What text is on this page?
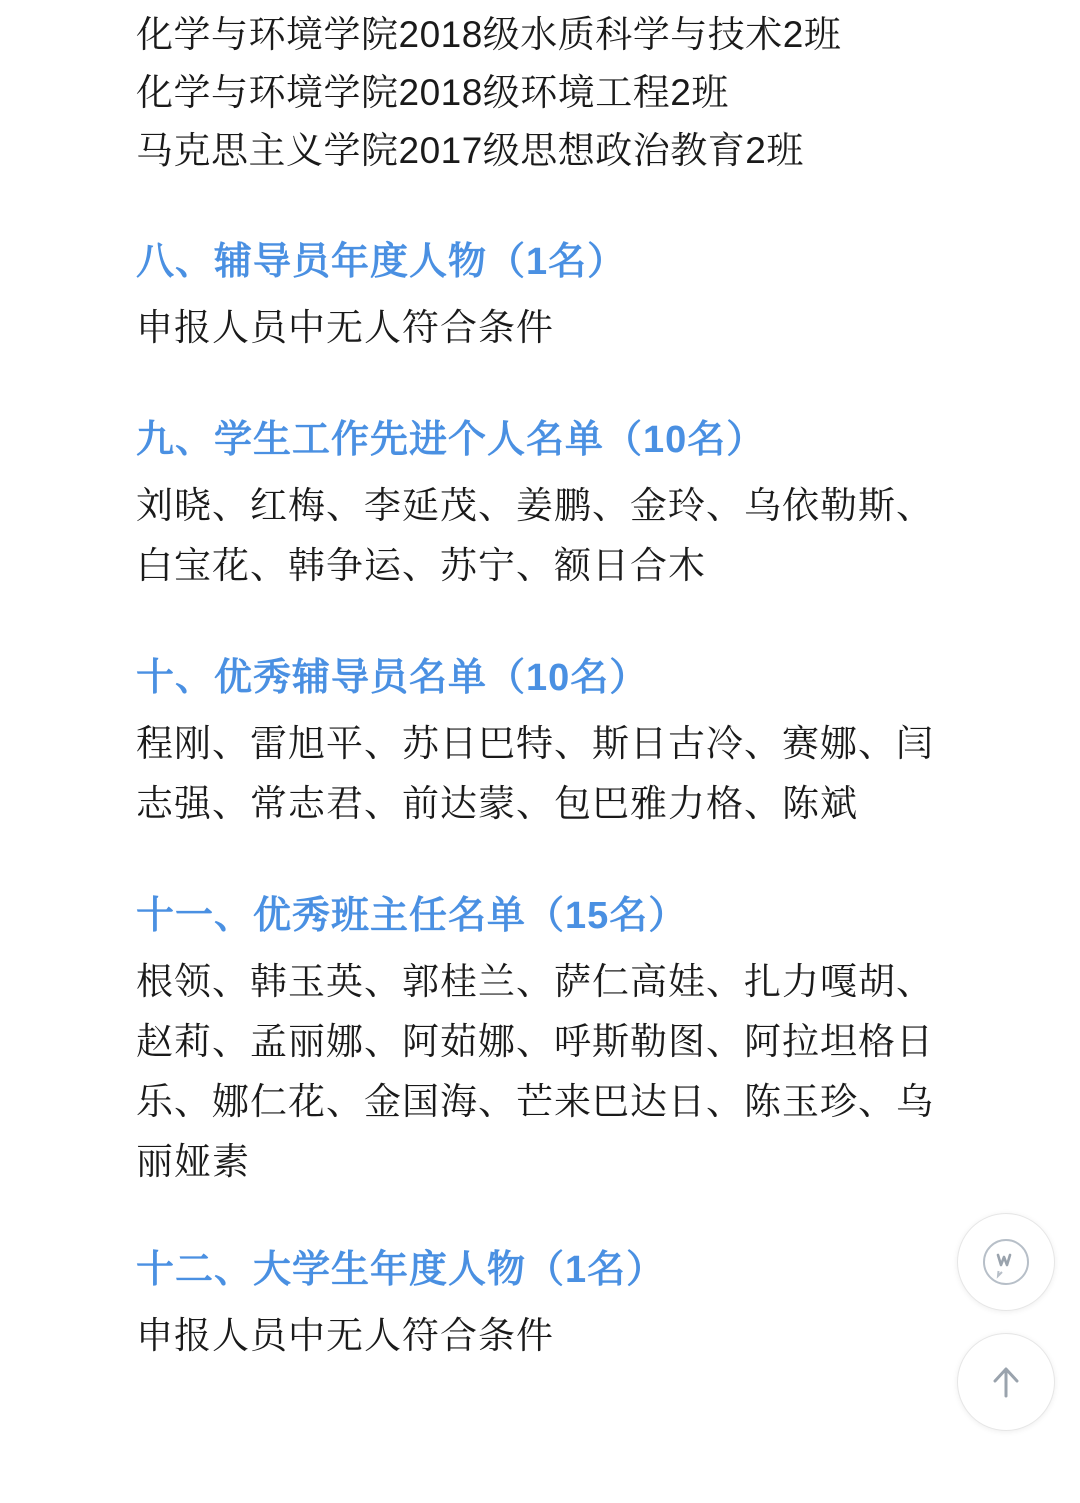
化学与环境学院2018级水质科学与技术2班

化学与环境学院2018级环境工程2班

马克思主义学院2017级思想政治教育2班

八、辅导员年度人物（1名）
申报人员中无人符合条件
九、学生工作先进个人名单（10名）
刘晓、红梅、李延茂、姜鹏、金玲、乌依勒斯、白宝花、韩争运、苏宁、额日合木
十、优秀辅导员名单（10名）
程刚、雷旭平、苏日巴特、斯日古冷、赛娜、闫志强、常志君、前达蒙、包巴雅力格、陈斌
十一、优秀班主任名单（15名）
根领、韩玉英、郭桂兰、萨仁高娃、扎力嘎胡、赵莉、孟丽娜、阿茹娜、呼斯勒图、阿拉坦格日乐、娜仁花、金国海、芒来巴达日、陈玉珍、乌丽娅素
十二、大学生年度人物（1名）
申报人员中无人符合条件
